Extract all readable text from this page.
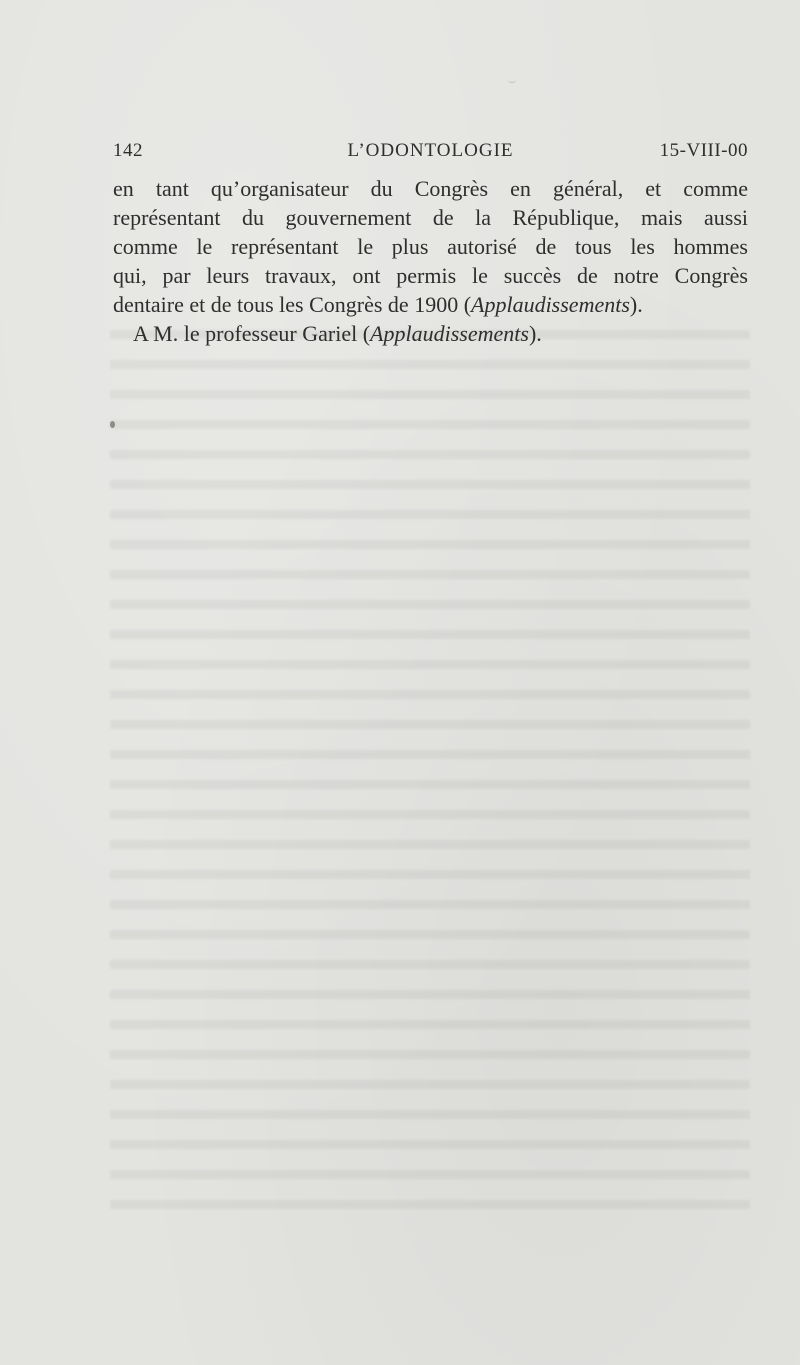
142	L’ODONTOLOGIE	15-VIII-00
en tant qu’organisateur du Congrès en général, et comme
représentant du gouvernement de la République, mais aussi
comme le représentant le plus autorisé de tous les hommes
qui, par leurs travaux, ont permis le succès de notre Congrès
dentaire et de tous les Congrès de 1900 (Applaudissements).
A M. le professeur Gariel (Applaudissements).
